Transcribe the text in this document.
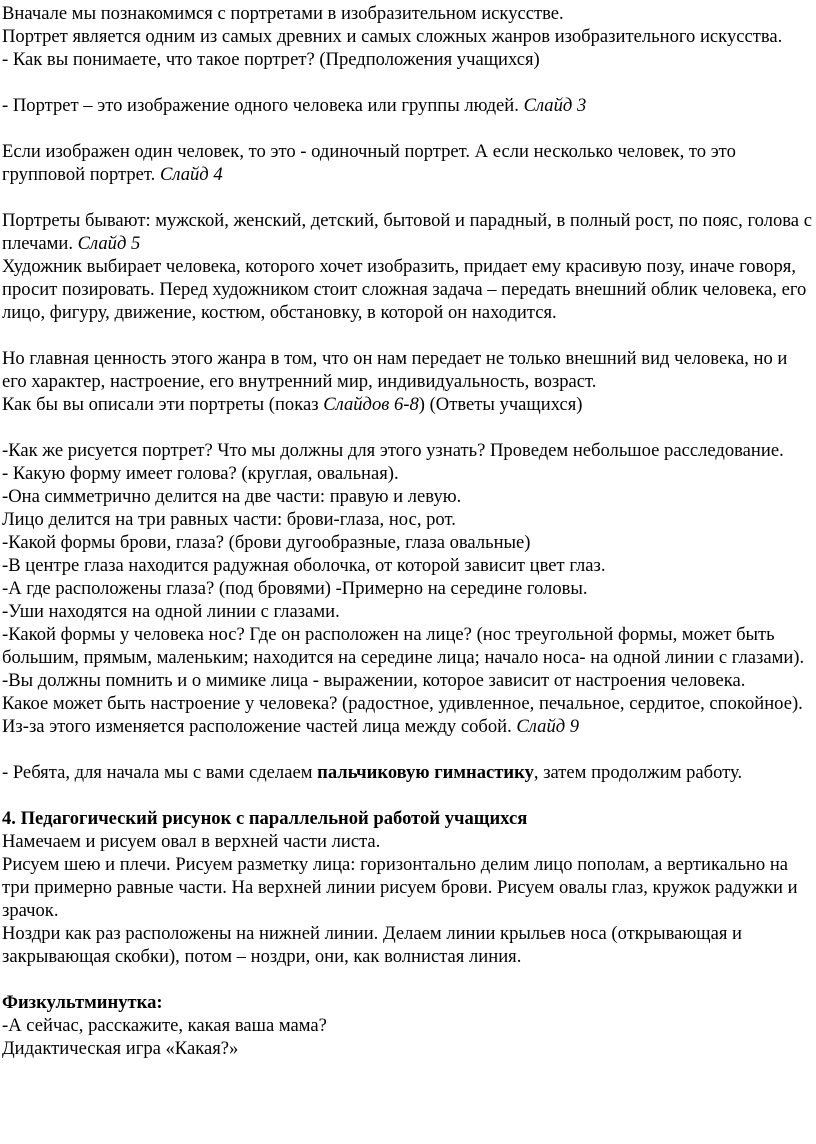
Вначале мы познакомимся с портретами в изобразительном искусстве.

Портрет является одним из самых древних и самых сложных жанров изобразительного искусства.

- Как вы понимаете, что такое портрет? (Предположения учащихся)

- Портрет – это изображение одного человека или группы людей. Слайд 3

Если изображен один человек, то это - одиночный портрет. А если несколько человек, то это групповой портрет. Слайд 4

Портреты бывают: мужской, женский, детский, бытовой и парадный, в полный рост, по пояс, голова с плечами. Слайд 5

Художник выбирает человека, которого хочет изобразить, придает ему красивую позу, иначе говоря, просит позировать. Перед художником стоит сложная задача – передать внешний облик человека, его лицо, фигуру, движение, костюм, обстановку, в которой он находится.

Но главная ценность этого жанра в том, что он нам передает не только внешний вид человека, но и его характер, настроение, его внутренний мир, индивидуальность, возраст.

Как бы вы описали эти портреты (показ Слайдов 6-8) (Ответы учащихся)

-Как же рисуется портрет? Что мы должны для этого узнать? Проведем небольшое расследование.

- Какую форму имеет голова? (круглая, овальная).

-Она симметрично делится на две части: правую и левую.

Лицо делится на три равных части: брови-глаза, нос, рот.

-Какой формы брови, глаза? (брови дугообразные, глаза овальные)

-В центре глаза находится радужная оболочка, от которой зависит цвет глаз.

-А где расположены глаза? (под бровями) -Примерно на середине головы.

-Уши находятся на одной линии с глазами.

-Какой формы у человека нос? Где он расположен на лице? (нос треугольной формы, может быть большим, прямым, маленьким; находится на середине лица; начало носа- на одной линии с глазами).

-Вы должны помнить и о мимике лица - выражении, которое зависит от настроения человека.

Какое может быть настроение у человека? (радостное, удивленное, печальное, сердитое, спокойное). Из-за этого изменяется расположение частей лица между собой. Слайд 9

- Ребята, для начала мы с вами сделаем пальчиковую гимнастику, затем продолжим работу.

4. Педагогический рисунок с параллельной работой учащихся

Намечаем и рисуем овал в верхней части листа.

Рисуем шею и плечи. Рисуем разметку лица: горизонтально делим лицо пополам, а вертикально на три примерно равные части. На верхней линии рисуем брови. Рисуем овалы глаз, кружок радужки и зрачок.

Ноздри как раз расположены на нижней линии. Делаем линии крыльев носа (открывающая и закрывающая скобки), потом – ноздри, они, как волнистая линия.

Физкультминутка:

-А сейчас, расскажите, какая ваша мама?

Дидактическая игра «Какая?»
